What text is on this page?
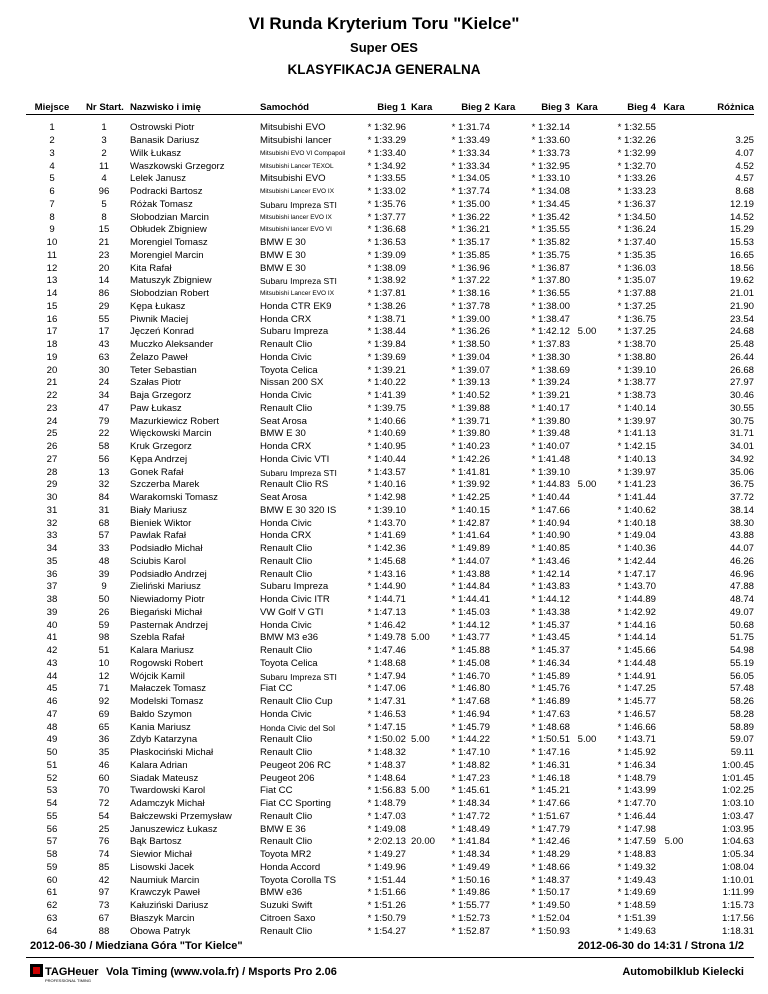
VI Runda Kryterium Toru "Kielce"
Super OES
KLASYFIKACJA GENERALNA
Miejsce	Nr Start.	Nazwisko i imię	Samochód	Bieg 1	Kara	Bieg 2	Kara	Bieg 3	Kara	Bieg 4	Kara	Różnica

1	1	Ostrowski Piotr	Mitsubishi EVO	* 1:32.96		* 1:31.74		* 1:32.14		* 1:32.55		
2	3	Banasik Dariusz	Mitsubishi lancer	* 1:33.29		* 1:33.49		* 1:33.60		* 1:32.26		3.25
3	2	Wilk Łukasz	Mitsubishi EVO VI Compapoil	* 1:33.40		* 1:33.34		* 1:33.73		* 1:32.99		4.07
4	11	Waszkowski Grzegorz	Mitsubishi Lancer TEXOL	* 1:34.92		* 1:33.34		* 1:32.95		* 1:32.70		4.52
5	4	Lelek Janusz	Mitsubishi EVO	* 1:33.55		* 1:34.05		* 1:33.10		* 1:33.26		4.57
6	96	Podracki Bartosz	Mitsubishi Lancer EVO IX	* 1:33.02		* 1:37.74		* 1:34.08		* 1:33.23		8.68
7	5	Różak Tomasz	Subaru Impreza STI	* 1:35.76		* 1:35.00		* 1:34.45		* 1:36.37		12.19
8	8	Słobodzian Marcin	Mitsubishi lancer EVO IX	* 1:37.77		* 1:36.22		* 1:35.42		* 1:34.50		14.52
9	15	Obłudek Zbigniew	Mitsubishi lancer EVO VI	* 1:36.68		* 1:36.21		* 1:35.55		* 1:36.24		15.29
10	21	Morengiel Tomasz	BMW E 30	* 1:36.53		* 1:35.17		* 1:35.82		* 1:37.40		15.53
11	23	Morengiel Marcin	BMW E 30	* 1:39.09		* 1:35.85		* 1:35.75		* 1:35.35		16.65
12	20	Kita Rafał	BMW E 30	* 1:38.09		* 1:36.96		* 1:36.87		* 1:36.03		18.56
13	14	Matuszyk Zbigniew	Subaru Impreza STI	* 1:38.92		* 1:37.22		* 1:37.80		* 1:35.07		19.62
14	86	Słobodzian Robert	Mitsubishi Lancer EVO IX	* 1:37.81		* 1:38.16		* 1:36.55		* 1:37.88		21.01
15	29	Kępa Łukasz	Honda CTR EK9	* 1:38.26		* 1:37.78		* 1:38.00		* 1:37.25		21.90
16	55	Piwnik Maciej	Honda CRX	* 1:38.71		* 1:39.00		* 1:38.47		* 1:36.75		23.54
17	17	Jęczeń Konrad	Subaru Impreza	* 1:38.44		* 1:36.26		* 1:42.12	5.00	* 1:37.25		24.68
18	43	Muczko Aleksander	Renault Clio	* 1:39.84		* 1:38.50		* 1:37.83		* 1:38.70		25.48
19	63	Żelazo Paweł	Honda Civic	* 1:39.69		* 1:39.04		* 1:38.30		* 1:38.80		26.44
20	30	Teter Sebastian	Toyota Celica	* 1:39.21		* 1:39.07		* 1:38.69		* 1:39.10		26.68
21	24	Szałas Piotr	Nissan 200 SX	* 1:40.22		* 1:39.13		* 1:39.24		* 1:38.77		27.97
22	34	Baja Grzegorz	Honda Civic	* 1:41.39		* 1:40.52		* 1:39.21		* 1:38.73		30.46
23	47	Paw Łukasz	Renault Clio	* 1:39.75		* 1:39.88		* 1:40.17		* 1:40.14		30.55
24	79	Mazurkiewicz Robert	Seat Arosa	* 1:40.66		* 1:39.71		* 1:39.80		* 1:39.97		30.75
25	22	Więckowski Marcin	BMW E 30	* 1:40.69		* 1:39.80		* 1:39.48		* 1:41.13		31.71
26	58	Kruk Grzegorz	Honda CRX	* 1:40.95		* 1:40.23		* 1:40.07		* 1:42.15		34.01
27	56	Kępa Andrzej	Honda Civic VTI	* 1:40.44		* 1:42.26		* 1:41.48		* 1:40.13		34.92
28	13	Gonek Rafał	Subaru Impreza STI	* 1:43.57		* 1:41.81		* 1:39.10		* 1:39.97		35.06
29	32	Szczerba Marek	Renault Clio RS	* 1:40.16		* 1:39.92		* 1:44.83	5.00	* 1:41.23		36.75
30	84	Warakomski Tomasz	Seat Arosa	* 1:42.98		* 1:42.25		* 1:40.44		* 1:41.44		37.72
31	31	Biały Mariusz	BMW E 30 320 IS	* 1:39.10		* 1:40.15		* 1:47.66		* 1:40.62		38.14
32	68	Bieniek Wiktor	Honda Civic	* 1:43.70		* 1:42.87		* 1:40.94		* 1:40.18		38.30
33	57	Pawlak Rafał	Honda CRX	* 1:41.69		* 1:41.64		* 1:40.90		* 1:49.04		43.88
34	33	Podsiadło Michał	Renault Clio	* 1:42.36		* 1:49.89		* 1:40.85		* 1:40.36		44.07
35	48	Sciubis Karol	Renault Clio	* 1:45.68		* 1:44.07		* 1:43.46		* 1:42.44		46.26
36	39	Podsiadło Andrzej	Renault Clio	* 1:43.16		* 1:43.88		* 1:42.14		* 1:47.17		46.96
37	9	Zieliński Mariusz	Subaru Impreza	* 1:44.90		* 1:44.84		* 1:43.83		* 1:43.70		47.88
38	50	Niewiadomy Piotr	Honda Civic ITR	* 1:44.71		* 1:44.41		* 1:44.12		* 1:44.89		48.74
39	26	Biegański Michał	VW Golf V GTI	* 1:47.13		* 1:45.03		* 1:43.38		* 1:42.92		49.07
40	59	Pasternak Andrzej	Honda Civic	* 1:46.42		* 1:44.12		* 1:45.37		* 1:44.16		50.68
41	98	Szebla Rafał	BMW M3 e36	* 1:49.78	5.00	* 1:43.77		* 1:43.45		* 1:44.14		51.75
42	51	Kalara Mariusz	Renault Clio	* 1:47.46		* 1:45.88		* 1:45.37		* 1:45.66		54.98
43	10	Rogowski Robert	Toyota Celica	* 1:48.68		* 1:45.08		* 1:46.34		* 1:44.48		55.19
44	12	Wójcik Kamil	Subaru Impreza STI	* 1:47.94		* 1:46.70		* 1:45.89		* 1:44.91		56.05
45	71	Małaczek Tomasz	Fiat CC	* 1:47.06		* 1:46.80		* 1:45.76		* 1:47.25		57.48
46	92	Modelski Tomasz	Renault Clio Cup	* 1:47.31		* 1:47.68		* 1:46.89		* 1:45.77		58.26
47	69	Bałdo Szymon	Honda Civic	* 1:46.53		* 1:46.94		* 1:47.63		* 1:46.57		58.28
48	65	Kania Mariusz	Honda Civic del Sol	* 1:47.15		* 1:45.79		* 1:48.68		* 1:46.66		58.89
49	36	Zdyb Katarzyna	Renault Clio	* 1:50.02	5.00	* 1:44.22		* 1:50.51	5.00	* 1:43.71		59.07
50	35	Płaskociński Michał	Renault Clio	* 1:48.32		* 1:47.10		* 1:47.16		* 1:45.92		59.11
51	46	Kalara Adrian	Peugeot 206 RC	* 1:48.37		* 1:48.82		* 1:46.31		* 1:46.34		1:00.45
52	60	Siadak Mateusz	Peugeot 206	* 1:48.64		* 1:47.23		* 1:46.18		* 1:48.79		1:01.45
53	70	Twardowski Karol	Fiat CC	* 1:56.83	5.00	* 1:45.61		* 1:45.21		* 1:43.99		1:02.25
54	72	Adamczyk Michał	Fiat CC Sporting	* 1:48.79		* 1:48.34		* 1:47.66		* 1:47.70		1:03.10
55	54	Bałczewski Przemysław	Renault Clio	* 1:47.03		* 1:47.72		* 1:51.67		* 1:46.44		1:03.47
56	25	Januszewicz Łukasz	BMW E 36	* 1:49.08		* 1:48.49		* 1:47.79		* 1:47.98		1:03.95
57	76	Bąk Bartosz	Renault Clio	* 2:02.13	20.00	* 1:41.84		* 1:42.46		* 1:47.59	5.00	1:04.63
58	74	Siewior Michał	Toyota MR2	* 1:49.27		* 1:48.34		* 1:48.29		* 1:48.83		1:05.34
59	85	Lisowski Jacek	Honda Accord	* 1:49.96		* 1:49.49		* 1:48.66		* 1:49.32		1:08.04
60	42	Naumiuk Marcin	Toyota Corolla TS	* 1:51.44		* 1:50.16		* 1:48.37		* 1:49.43		1:10.01
61	97	Krawczyk Paweł	BMW e36	* 1:51.66		* 1:49.86		* 1:50.17		* 1:49.69		1:11.99
62	73	Kałuziński Dariusz	Suzuki Swift	* 1:51.26		* 1:55.77		* 1:49.50		* 1:48.59		1:15.73
63	67	Błaszyk Marcin	Citroen Saxo	* 1:50.79		* 1:52.73		* 1:52.04		* 1:51.39		1:17.56
64	88	Obowa Patryk	Renault Clio	* 1:54.27		* 1:52.87		* 1:50.93		* 1:49.63		1:18.31
2012-06-30 / Miedziana Góra "Tor Kielce"	2012-06-30 do 14:31 / Strona 1/2
TAGHeuer
PROFESSIONAL TIMING
Vola Timing (www.vola.fr) / Msports Pro 2.06	Automobilklub Kielecki
